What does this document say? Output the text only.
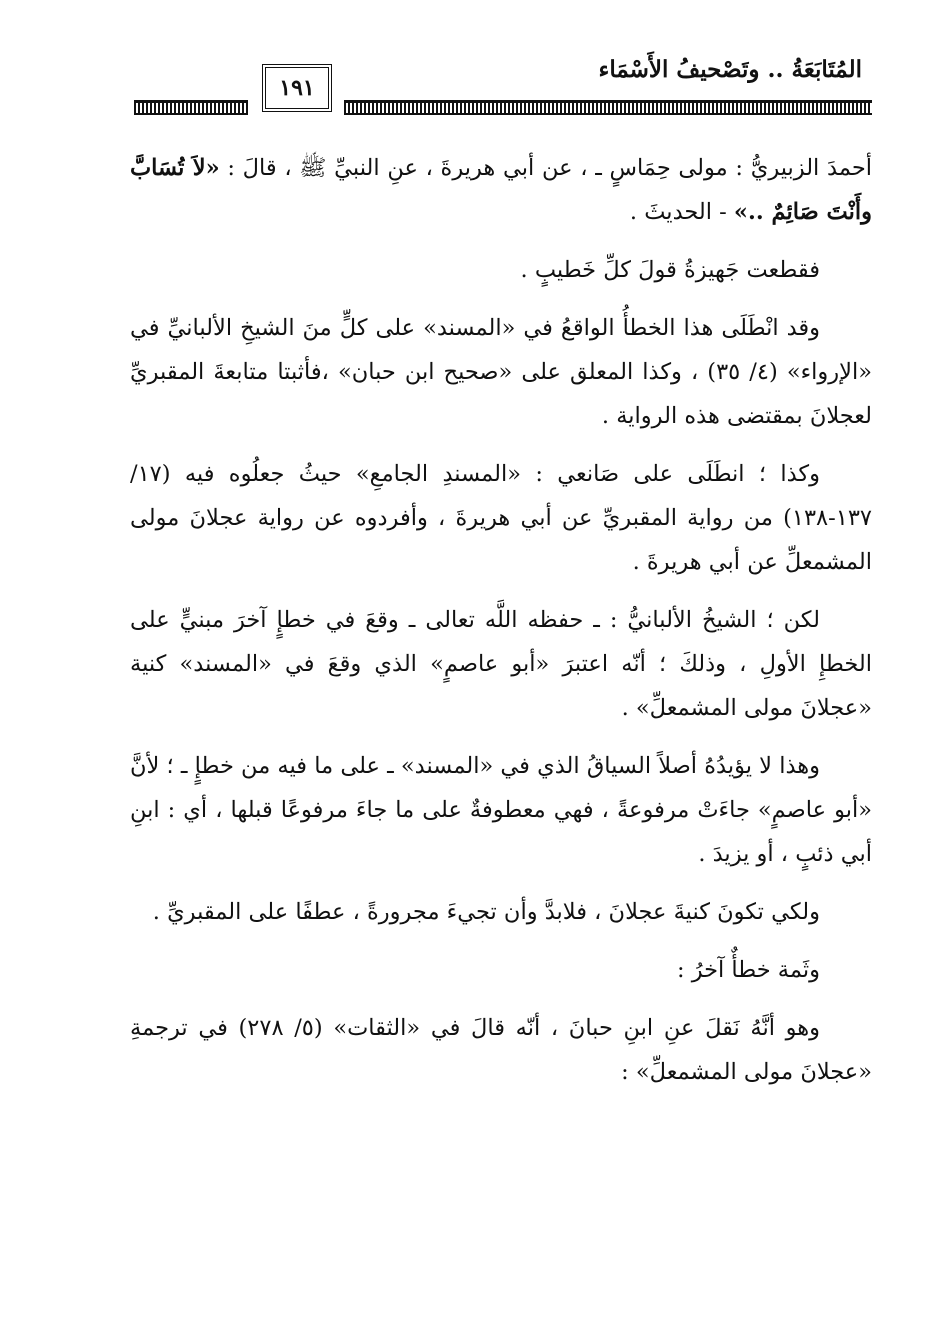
المُتَابَعَةُ .. وتَصْحيفُ الأَسْمَاء
١٩١

أحمدَ الزبيريُّ : مولى حِمَاسٍ ـ ، عن أبي هريرةَ ، عنِ النبيِّ ﷺ ، قالَ : «لاَ تُسَابَّ وأَنْتَ صَائِمٌ ..» - الحديثَ .

فقطعت جَهيزةُ قولَ كلِّ خَطيبٍ .

وقد انْطَلَى هذا الخطأُ الواقعُ في «المسند» على كلٍّ منَ الشيخِ الألبانيِّ في «الإرواء» (٤/ ٣٥) ، وكذا المعلق على «صحيح ابن حبان» ،فأثبتا متابعةَ المقبريِّ لعجلانَ بمقتضى هذه الرواية .

وكذا ؛ انطَلَى على صَانعي : «المسندِ الجامعِ» حيثُ جعلُوه فيه (١٧/ ١٣٧-١٣٨) من رواية المقبريِّ عن أبي هريرةَ ، وأفردوه عن رواية عجلانَ مولى المشمعلِّ عن أبي هريرةَ .

لكن ؛ الشيخُ الألبانيُّ : ـ حفظه اللَّه تعالى ـ وقعَ في خطإٍ آخرَ مبنيٍّ على الخطإِ الأولِ ، وذلكَ ؛ أنّه اعتبرَ «أبو عاصمٍ» الذي وقعَ في «المسند» كنية «عجلانَ مولى المشمعلِّ» .

وهذا لا يؤيدُهُ أصلاً السياقُ الذي في «المسند» ـ على ما فيه من خطإٍ ـ ؛ لأنَّ «أبو عاصمٍ» جاءَتْ مرفوعةً ، فهي معطوفةٌ على ما جاءَ مرفوعًا قبلها ، أي : ابنِ أبي ذئبٍ ، أو يزيدَ .

ولكي تكونَ كنيةَ عجلانَ ، فلابدَّ وأن تجيءَ مجرورةً ، عطفًا على المقبريِّ .

وثَمة خطأٌ آخرُ :

وهو أنَّهُ نَقلَ عنِ ابنِ حبانَ ، أنّه قالَ في «الثقات» (٥/ ٢٧٨) في ترجمةِ «عجلانَ مولى المشمعلِّ» :
